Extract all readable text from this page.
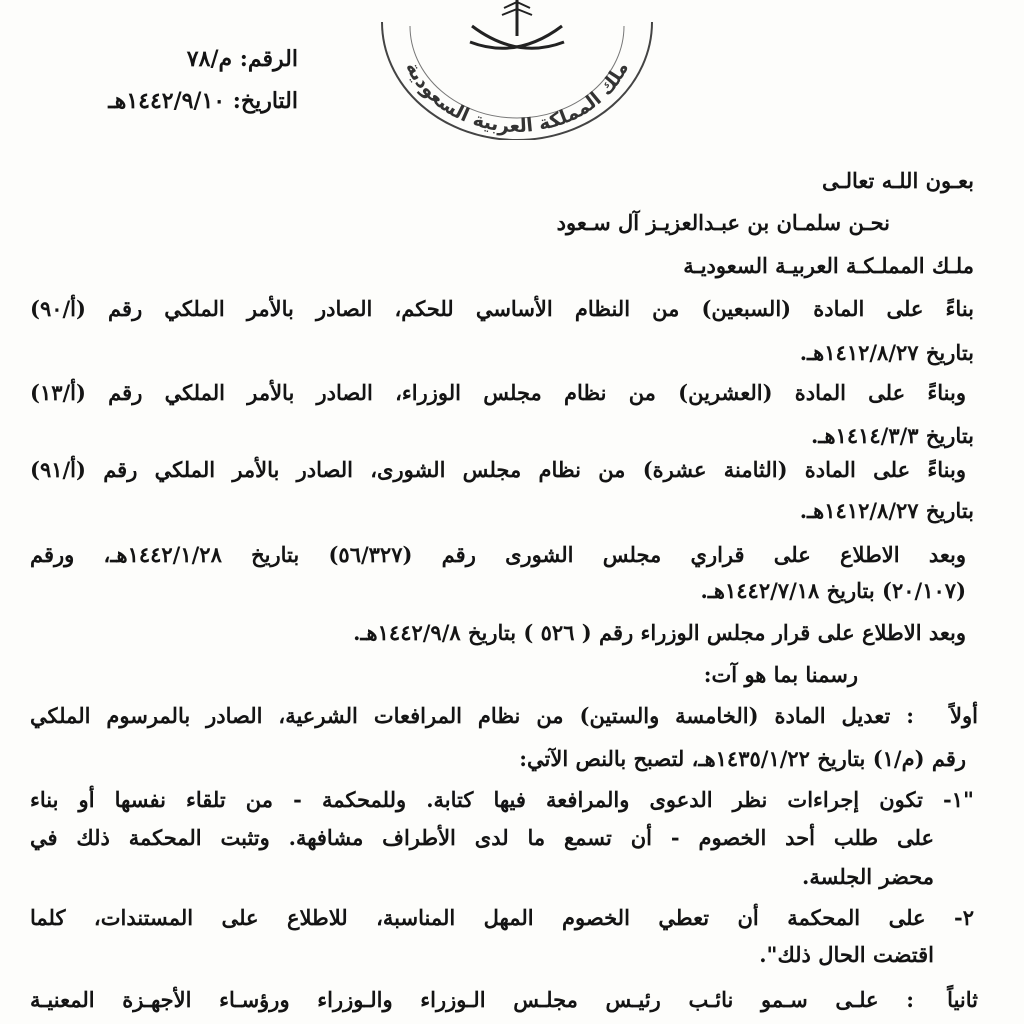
ملك المملكة العربية السعودية
الرقم: م/٧٨
التاريخ: ١٤٤٢/٩/١٠هـ
بعـون اللـه تعالـى
نحـن سلمـان بن عبـدالعزيـز آل سـعود
ملـك المملـكـة العربيـة السعوديـة
بناءً على المادة (السبعين) من النظام الأساسي للحكم، الصادر بالأمر الملكي رقم (أ/٩٠)
بتاريخ ١٤١٢/٨/٢٧هـ.
وبناءً على المادة (العشرين) من نظام مجلس الوزراء، الصادر بالأمر الملكي رقم (أ/١٣)
بتاريخ ١٤١٤/٣/٣هـ.
وبناءً على المادة (الثامنة عشرة) من نظام مجلس الشورى، الصادر بالأمر الملكي رقم (أ/٩١)
بتاريخ ١٤١٢/٨/٢٧هـ.
وبعد الاطلاع على قراري مجلس الشورى رقم (٥٦/٣٢٧) بتاريخ ١٤٤٢/١/٢٨هـ، ورقم
(٢٠/١٠٧) بتاريخ ١٤٤٢/٧/١٨هـ.
وبعد الاطلاع على قرار مجلس الوزراء رقم ( ٥٢٦ ) بتاريخ ١٤٤٢/٩/٨هـ.
رسمنا بما هو آت:
أولاً
: تعديل المادة (الخامسة والستين) من نظام المرافعات الشرعية، الصادر بالمرسوم الملكي
رقم (م/١) بتاريخ ١٤٣٥/١/٢٢هـ، لتصبح بالنص الآتي:
"١- تكون إجراءات نظر الدعوى والمرافعة فيها كتابة. وللمحكمة - من تلقاء نفسها أو بناء
على طلب أحد الخصوم - أن تسمع ما لدى الأطراف مشافهة. وتثبت المحكمة ذلك في
محضر الجلسة.
٢- على المحكمة أن تعطي الخصوم المهل المناسبة، للاطلاع على المستندات، كلما
اقتضت الحال ذلك".
ثانياً
: علـى سـمو نائـب رئيـس مجلـس الـوزراء والـوزراء ورؤسـاء الأجهـزة المعنيـة
